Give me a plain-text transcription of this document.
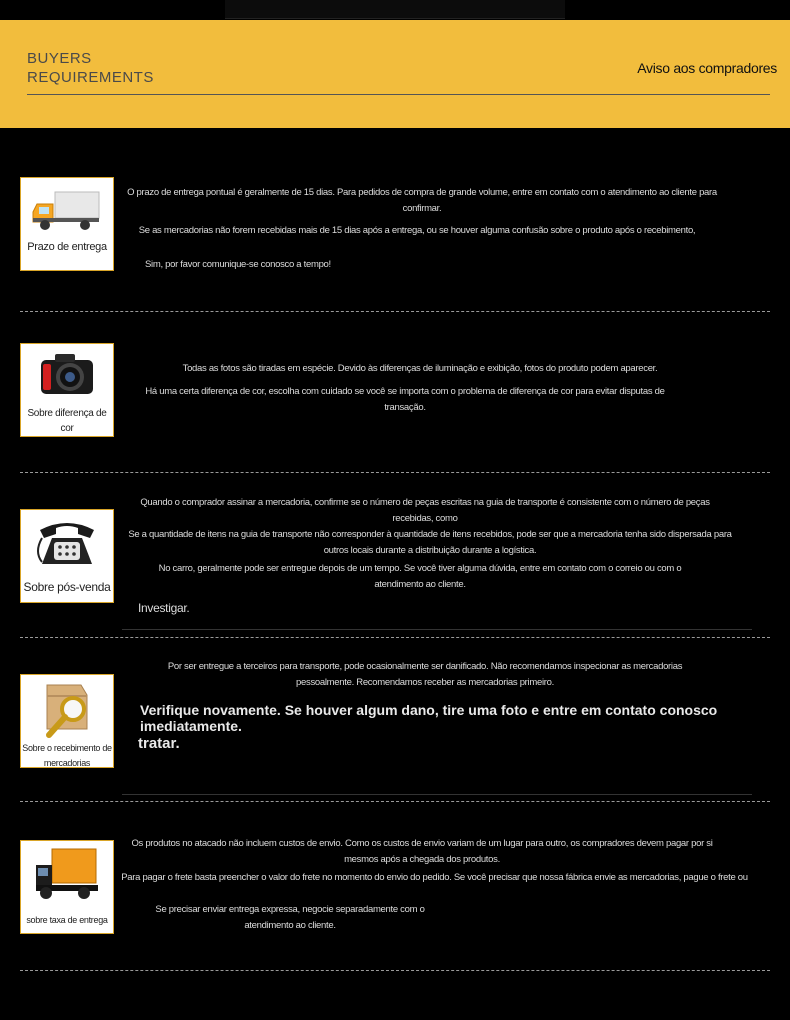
BUYERS
REQUIREMENTS
Aviso aos compradores
Prazo de entrega
O prazo de entrega pontual é geralmente de 15 dias. Para pedidos de compra de grande volume, entre em contato com o atendimento ao cliente para confirmar.
Se as mercadorias não forem recebidas mais de 15 dias após a entrega, ou se houver alguma confusão sobre o produto após o recebimento,
Sim, por favor comunique-se conosco a tempo!
Sobre diferença de cor
Todas as fotos são tiradas em espécie. Devido às diferenças de iluminação e exibição, fotos do produto podem aparecer.
Há uma certa diferença de cor, escolha com cuidado se você se importa com o problema de diferença de cor para evitar disputas de transação.
Sobre pós-venda
Quando o comprador assinar a mercadoria, confirme se o número de peças escritas na guia de transporte é consistente com o número de peças recebidas, como
Se a quantidade de itens na guia de transporte não corresponder à quantidade de itens recebidos, pode ser que a mercadoria tenha sido dispersada para outros locais durante a distribuição durante a logística.
No carro, geralmente pode ser entregue depois de um tempo. Se você tiver alguma dúvida, entre em contato com o correio ou com o atendimento ao cliente.
Investigar.
Sobre o recebimento de mercadorias
Por ser entregue a terceiros para transporte, pode ocasionalmente ser danificado. Não recomendamos inspecionar as mercadorias pessoalmente. Recomendamos receber as mercadorias primeiro.
Verifique novamente. Se houver algum dano, tire uma foto e entre em contato conosco imediatamente.
tratar.
sobre taxa de entrega
Os produtos no atacado não incluem custos de envio. Como os custos de envio variam de um lugar para outro, os compradores devem pagar por si mesmos após a chegada dos produtos.
Para pagar o frete basta preencher o valor do frete no momento do envio do pedido. Se você precisar que nossa fábrica envie as mercadorias, pague o frete ou
Se precisar enviar entrega expressa, negocie separadamente com o atendimento ao cliente.
